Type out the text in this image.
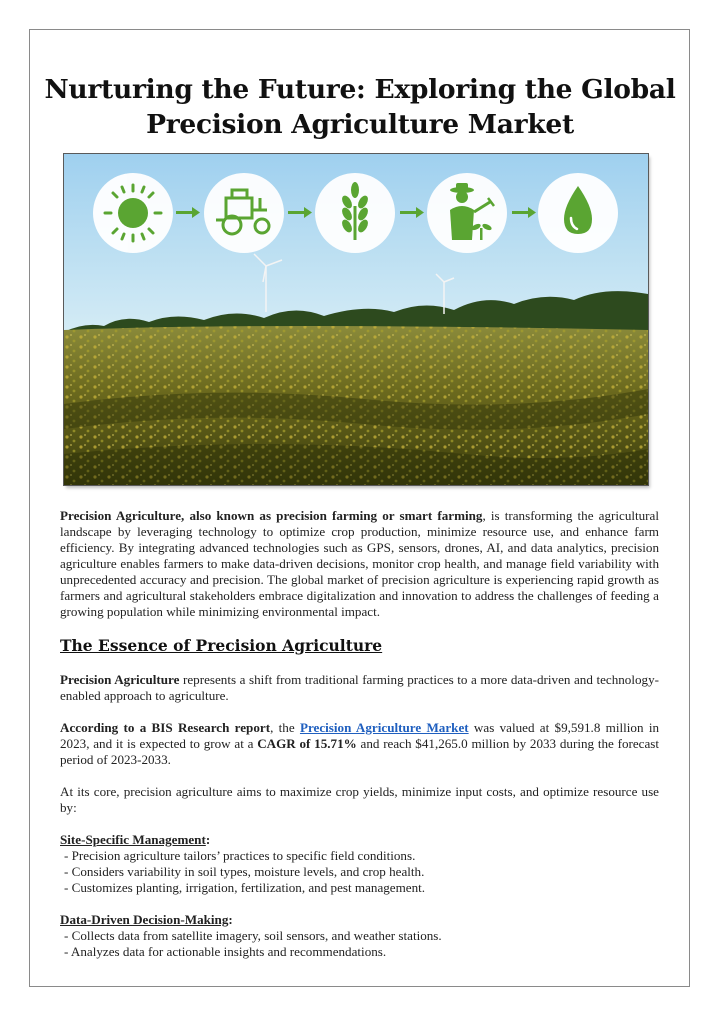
Nurturing the Future: Exploring the Global Precision Agriculture Market

Precision Agriculture, also known as precision farming or smart farming, is transforming the agricultural landscape by leveraging technology to optimize crop production, minimize resource use, and enhance farm efficiency. By integrating advanced technologies such as GPS, sensors, drones, AI, and data analytics, precision agriculture enables farmers to make data-driven decisions, monitor crop health, and manage field variability with unprecedented accuracy and precision. The global market of precision agriculture is experiencing rapid growth as farmers and agricultural stakeholders embrace digitalization and innovation to address the challenges of feeding a growing population while minimizing environmental impact.

The Essence of Precision Agriculture

Precision Agriculture represents a shift from traditional farming practices to a more data-driven and technology-enabled approach to agriculture.

According to a BIS Research report, the Precision Agriculture Market was valued at $9,591.8 million in 2023, and it is expected to grow at a CAGR of 15.71% and reach $41,265.0 million by 2033 during the forecast period of 2023-2033.

At its core, precision agriculture aims to maximize crop yields, minimize input costs, and optimize resource use by:

Site-Specific Management:

- Precision agriculture tailors’ practices to specific field conditions.

- Considers variability in soil types, moisture levels, and crop health.

- Customizes planting, irrigation, fertilization, and pest management.

Data-Driven Decision-Making:

- Collects data from satellite imagery, soil sensors, and weather stations.

- Analyzes data for actionable insights and recommendations.
